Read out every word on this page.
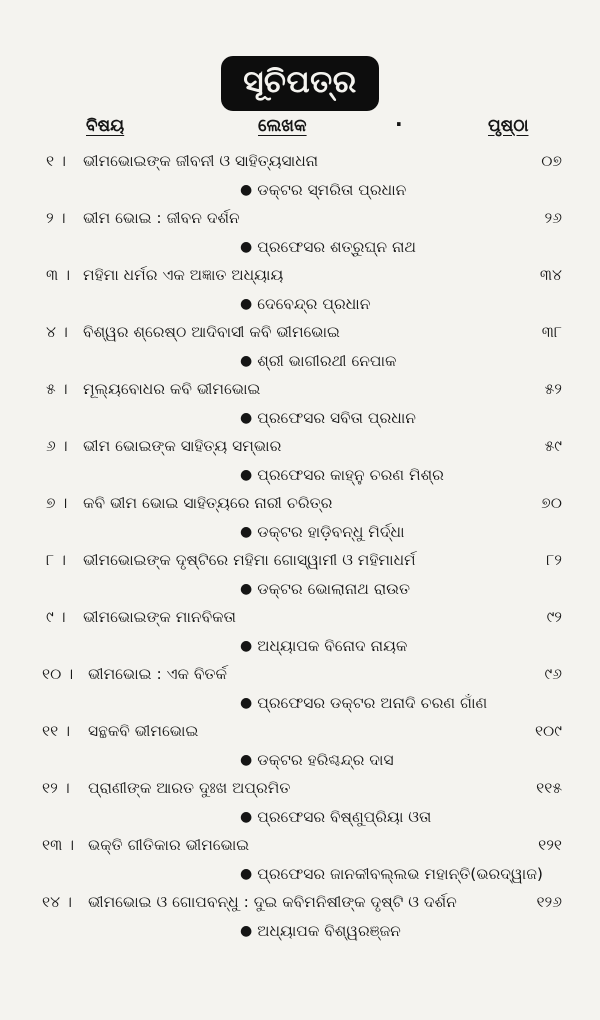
ସୂଚିପତ୍ର
ବିଷୟ	ଲେଖକ	·	ପୃଷ୍ଠା
୧ । ଭୀମଭୋଇଙ୍କ ଜୀବନୀ ଓ ସାହିତ୍ୟସାଧନା	୦୭
● ଡକ୍ଟର ସ୍ମରିତା ପ୍ରଧାନ
୨ । ଭୀମ ଭୋଇ : ଜୀବନ ଦର୍ଶନ	୨୬
● ପ୍ରଫେସର ଶତ୍ରୁଘ୍ନ ନାଥ
୩ । ମହିମା ଧର୍ମର ଏକ ଅଜ୍ଞାତ ଅଧ୍ୟାୟ	୩୪
● ଦେବେନ୍ଦ୍ର ପ୍ରଧାନ
୪ । ବିଶ୍ୱର ଶ୍ରେଷ୍ଠ ଆଦିବାସୀ କବି ଭୀମଭୋଇ	୩୮
● ଶ୍ରୀ ଭାଗୀରଥୀ ନେପାକ
୫ । ମୂଲ୍ୟବୋଧର କବି ଭୀମଭୋଇ	୫୨
● ପ୍ରଫେସର ସବିତା ପ୍ରଧାନ
୬ । ଭୀମ ଭୋଇଙ୍କ ସାହିତ୍ୟ ସମ୍ଭାର	୫୯
● ପ୍ରଫେସର କାହ୍ନୁ ଚରଣ ମିଶ୍ର
୭ । କବି ଭୀମ ଭୋଇ ସାହିତ୍ୟରେ ନାରୀ ଚରିତ୍ର	୭୦
● ଡକ୍ଟର ହାଡ଼ିବନ୍ଧୁ ମିର୍ଦ୍ଧା
୮ । ଭୀମଭୋଇଙ୍କ ଦୃଷ୍ଟିରେ ମହିମା ଗୋସ୍ୱାମୀ ଓ ମହିମାଧର୍ମ	୮୨
● ଡକ୍ଟର ଭୋଲାନାଥ ରାଉତ
୯ । ଭୀମଭୋଇଙ୍କ ମାନବିକତା	୯୨
● ଅଧ୍ୟାପକ ବିନୋଦ ନାୟକ
୧୦ । ଭୀମଭୋଇ : ଏକ ବିତର୍କ	୯୬
● ପ୍ରଫେସର ଡକ୍ଟର ଅନାଦି ଚରଣ ଗାଁଣ
୧୧ । ସନ୍ଥକବି ଭୀମଭୋଇ	୧୦୯
● ଡକ୍ଟର ହରିଶ୍ଚନ୍ଦ୍ର ଦାସ
୧୨ । ପ୍ରାଣୀଙ୍କ ଆରତ ଦୁଃଖ ଅପ୍ରମିତ	୧୧୫
● ପ୍ରଫେସର ବିଷ୍ଣୁପ୍ରିୟା ଓତା
୧୩ । ଭକ୍ତି ଗୀତିକାର ଭୀମଭୋଇ	୧୨୧
● ପ୍ରଫେସର ଜାନକୀବଲ୍ଲଭ ମହାନ୍ତି(ଭରଦ୍ୱାଜ)
୧୪ । ଭୀମଭୋଇ ଓ ଗୋପବନ୍ଧୁ : ଦୁଇ କବିମନିଷୀଙ୍କ ଦୃଷ୍ଟି ଓ ଦର୍ଶନ	୧୨୬
● ଅଧ୍ୟାପକ ବିଶ୍ୱରଞ୍ଜନ
